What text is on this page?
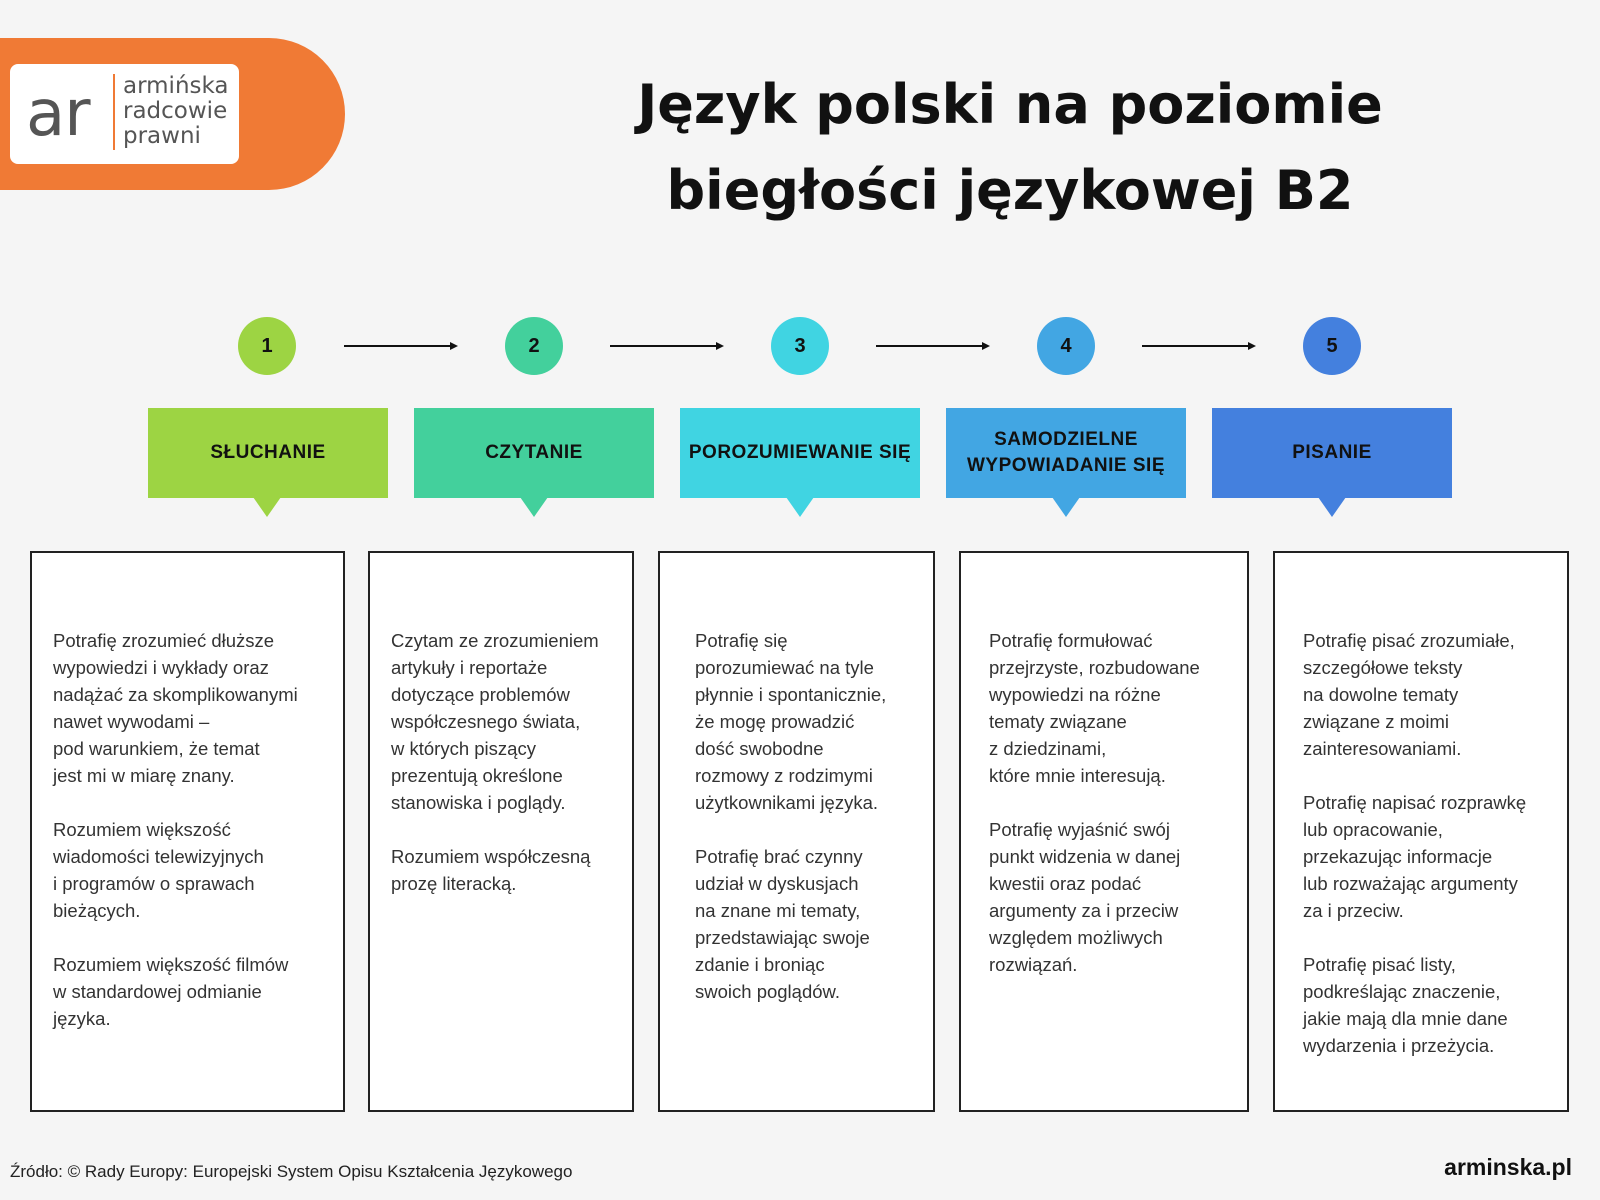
ar armińska
radcowie
prawni	Język polski na poziomie
biegłości językowej B2
1
SŁUCHANIE

Potrafię zrozumieć dłuższe
wypowiedzi i wykłady oraz
nadążać za skomplikowanymi
nawet wywodami –
pod warunkiem, że temat
jest mi w miarę znany.

Rozumiem większość
wiadomości telewizyjnych
i programów o sprawach
bieżących.

Rozumiem większość filmów
w standardowej odmianie
języka.

2
CZYTANIE

Czytam ze zrozumieniem
artykuły i reportaże
dotyczące problemów
współczesnego świata,
w których piszący
prezentują określone
stanowiska i poglądy.

Rozumiem współczesną
prozę literacką.

3
POROZUMIEWANIE SIĘ

Potrafię się
porozumiewać na tyle
płynnie i spontanicznie,
że mogę prowadzić
dość swobodne
rozmowy z rodzimymi
użytkownikami języka.

Potrafię brać czynny
udział w dyskusjach
na znane mi tematy,
przedstawiając swoje
zdanie i broniąc
swoich poglądów.

4
SAMODZIELNE WYPOWIADANIE SIĘ

Potrafię formułować
przejrzyste, rozbudowane
wypowiedzi na różne
tematy związane
z dziedzinami,
które mnie interesują.

Potrafię wyjaśnić swój
punkt widzenia w danej
kwestii oraz podać
argumenty za i przeciw
względem możliwych
rozwiązań.

5
PISANIE

Potrafię pisać zrozumiałe,
szczegółowe teksty
na dowolne tematy
związane z moimi
zainteresowaniami.

Potrafię napisać rozprawkę
lub opracowanie,
przekazując informacje
lub rozważając argumenty
za i przeciw.

Potrafię pisać listy,
podkreślając znaczenie,
jakie mają dla mnie dane
wydarzenia i przeżycia.

Źródło: © Rady Europy: Europejski System Opisu Kształcenia Językowego	arminska.pl
